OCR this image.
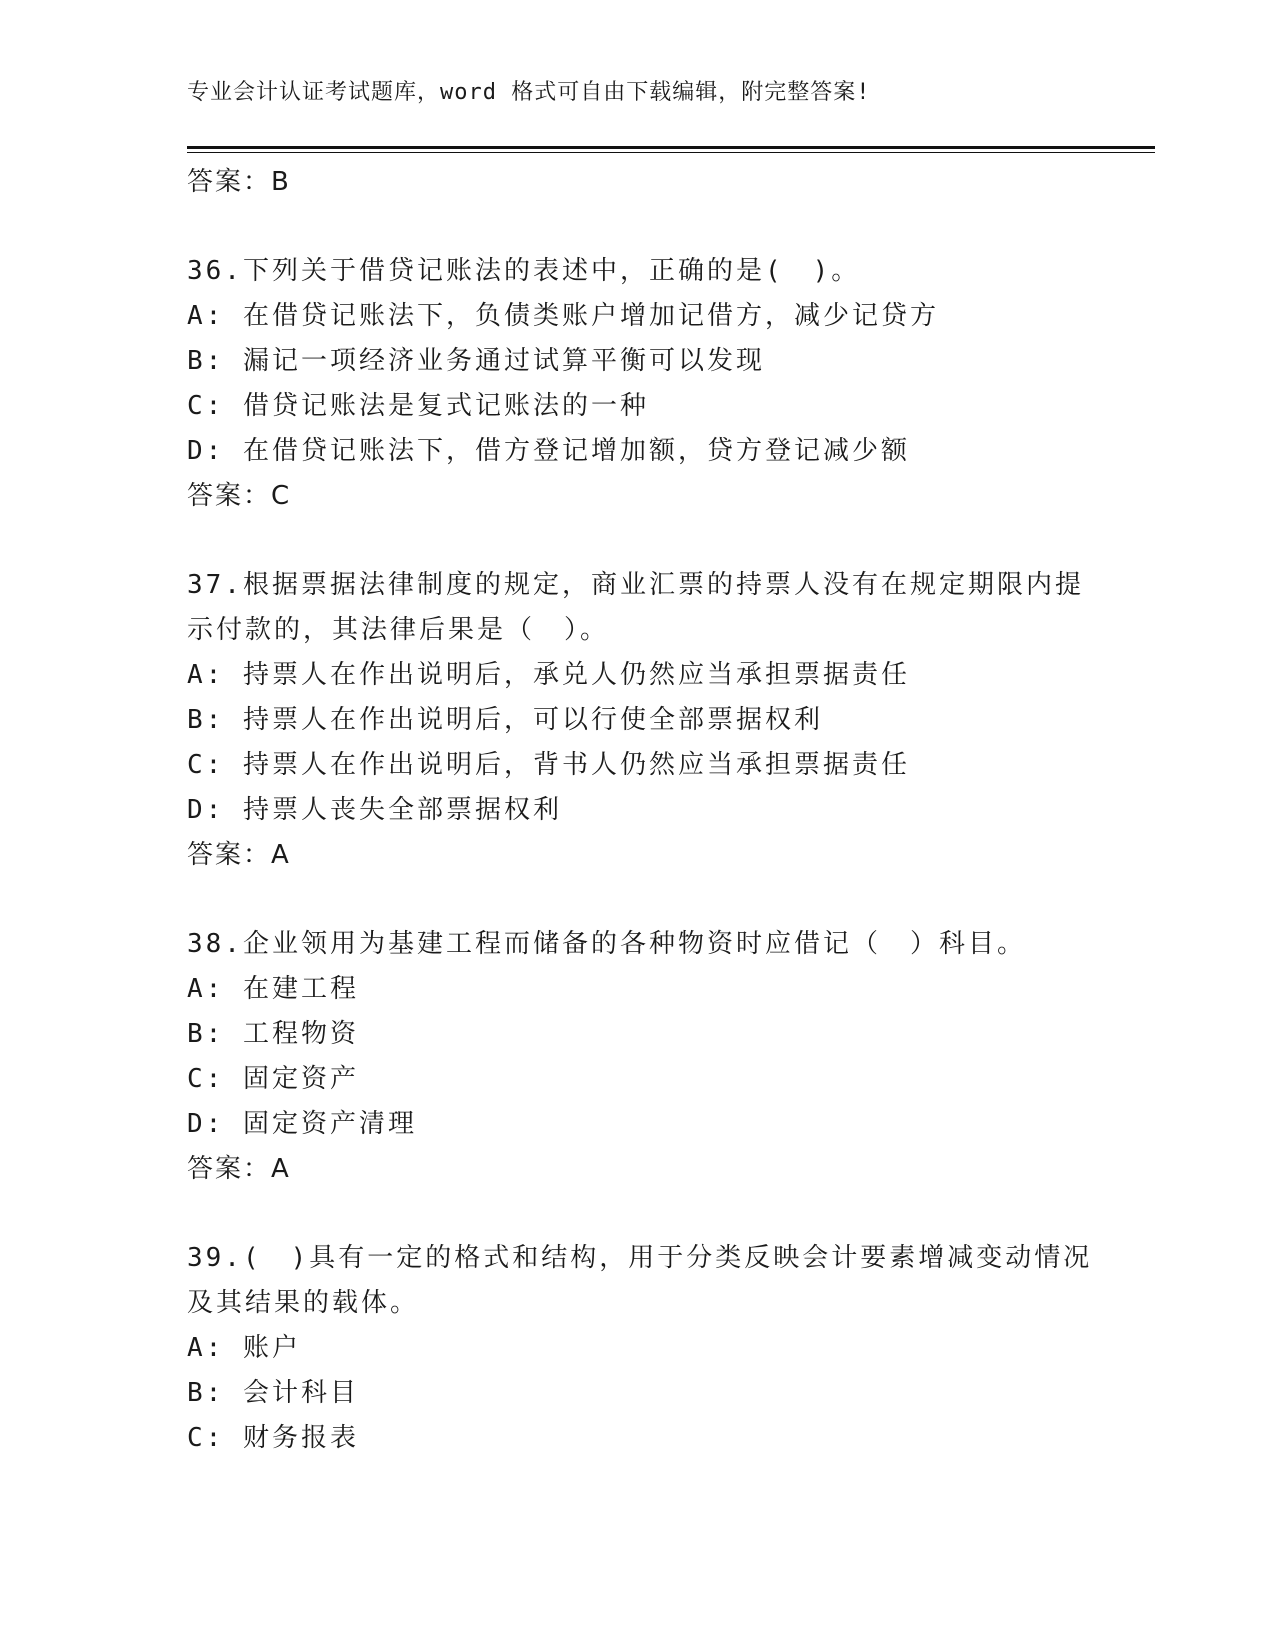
专业会计认证考试题库，word 格式可自由下载编辑，附完整答案!
答案：B
36.下列关于借贷记账法的表述中，正确的是(　)。
A: 在借贷记账法下，负债类账户增加记借方，减少记贷方
B: 漏记一项经济业务通过试算平衡可以发现
C: 借贷记账法是复式记账法的一种
D: 在借贷记账法下，借方登记增加额，贷方登记减少额
答案：C
37.根据票据法律制度的规定，商业汇票的持票人没有在规定期限内提
示付款的，其法律后果是（　）。
A: 持票人在作出说明后，承兑人仍然应当承担票据责任
B: 持票人在作出说明后，可以行使全部票据权利
C: 持票人在作出说明后，背书人仍然应当承担票据责任
D: 持票人丧失全部票据权利
答案：A
38.企业领用为基建工程而储备的各种物资时应借记（　）科目。
A: 在建工程
B: 工程物资
C: 固定资产
D: 固定资产清理
答案：A
39.(　)具有一定的格式和结构，用于分类反映会计要素增减变动情况
及其结果的载体。
A: 账户
B: 会计科目
C: 财务报表
